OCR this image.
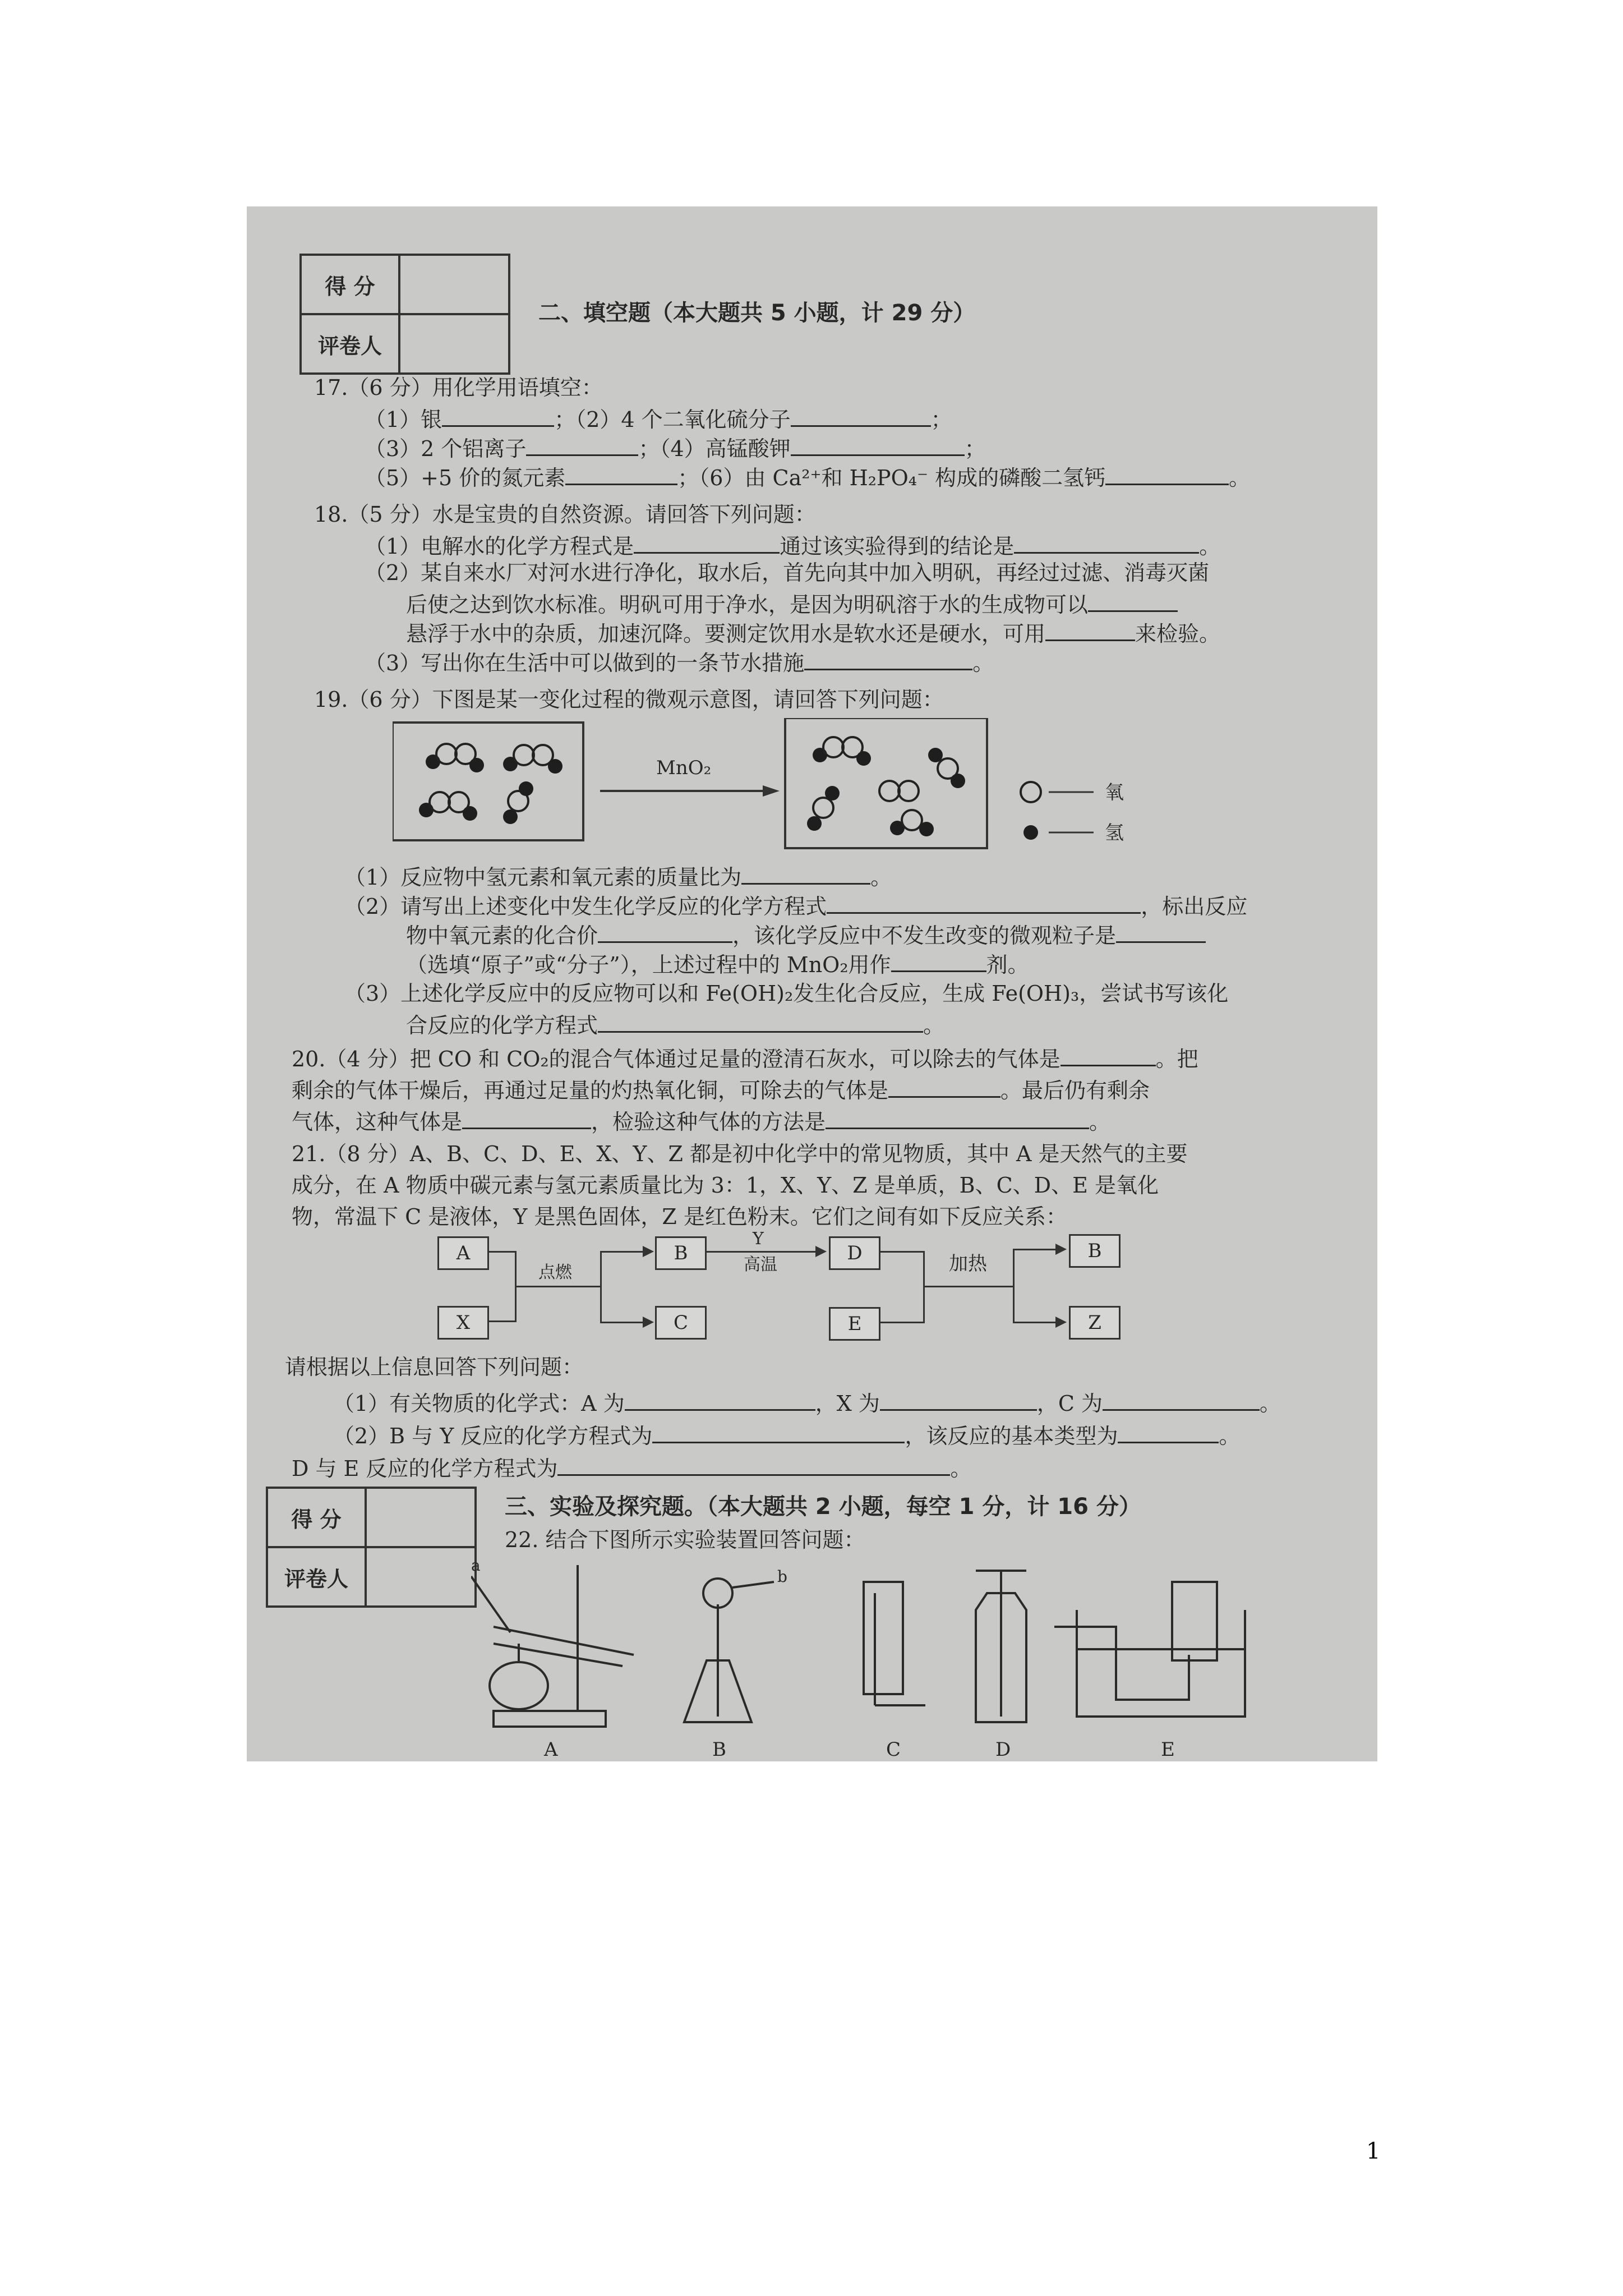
得 分	
评卷人	
二、填空题（本大题共 5 小题，计 29 分）
17.（6 分）用化学用语填空：
（1）银	；（2）4 个二氧化硫分子	；
（3）2 个铝离子	；（4）高锰酸钾	；
（5）+5 价的氮元素	；（6）由 Ca²⁺和 H₂PO₄⁻ 构成的磷酸二氢钙	。
18.（5 分）水是宝贵的自然资源。请回答下列问题：
（1）电解水的化学方程式是	通过该实验得到的结论是	。
（2）某自来水厂对河水进行净化，取水后，首先向其中加入明矾，再经过过滤、消毒灭菌
后使之达到饮水标准。明矾可用于净水，是因为明矾溶于水的生成物可以
悬浮于水中的杂质，加速沉降。要测定饮用水是软水还是硬水，可用	来检验。
（3）写出你在生活中可以做到的一条节水措施	。
19.（6 分）下图是某一变化过程的微观示意图，请回答下列问题：
MnO₂
氧
氢
（1）反应物中氢元素和氧元素的质量比为	。
（2）请写出上述变化中发生化学反应的化学方程式	，标出反应
物中氧元素的化合价	，该化学反应中不发生改变的微观粒子是
（选填“原子”或“分子”），上述过程中的 MnO₂用作	剂。
（3）上述化学反应中的反应物可以和 Fe(OH)₂发生化合反应，生成 Fe(OH)₃，尝试书写该化
合反应的化学方程式	。
20.（4 分）把 CO 和 CO₂的混合气体通过足量的澄清石灰水，可以除去的气体是	。把
剩余的气体干燥后，再通过足量的灼热氧化铜，可除去的气体是	。最后仍有剩余
气体，这种气体是	，检验这种气体的方法是	。
21.（8 分）A、B、C、D、E、X、Y、Z 都是初中化学中的常见物质，其中 A 是天然气的主要
成分，在 A 物质中碳元素与氢元素质量比为 3：1，X、Y、Z 是单质，B、C、D、E 是氧化
物，常温下 C 是液体，Y 是黑色固体，Z 是红色粉末。它们之间有如下反应关系：
A
X
点燃
B
C
Y
高温
D
E
加热
B
Z
请根据以上信息回答下列问题：
（1）有关物质的化学式：A 为	，X 为	，C 为	。
（2）B 与 Y 反应的化学方程式为	，该反应的基本类型为	。
D 与 E 反应的化学方程式为	。
得 分	
评卷人	
三、实验及探究题。（本大题共 2 小题，每空 1 分，计 16 分）
22. 结合下图所示实验装置回答问题：
A	B	C	D	E
a
b
1
